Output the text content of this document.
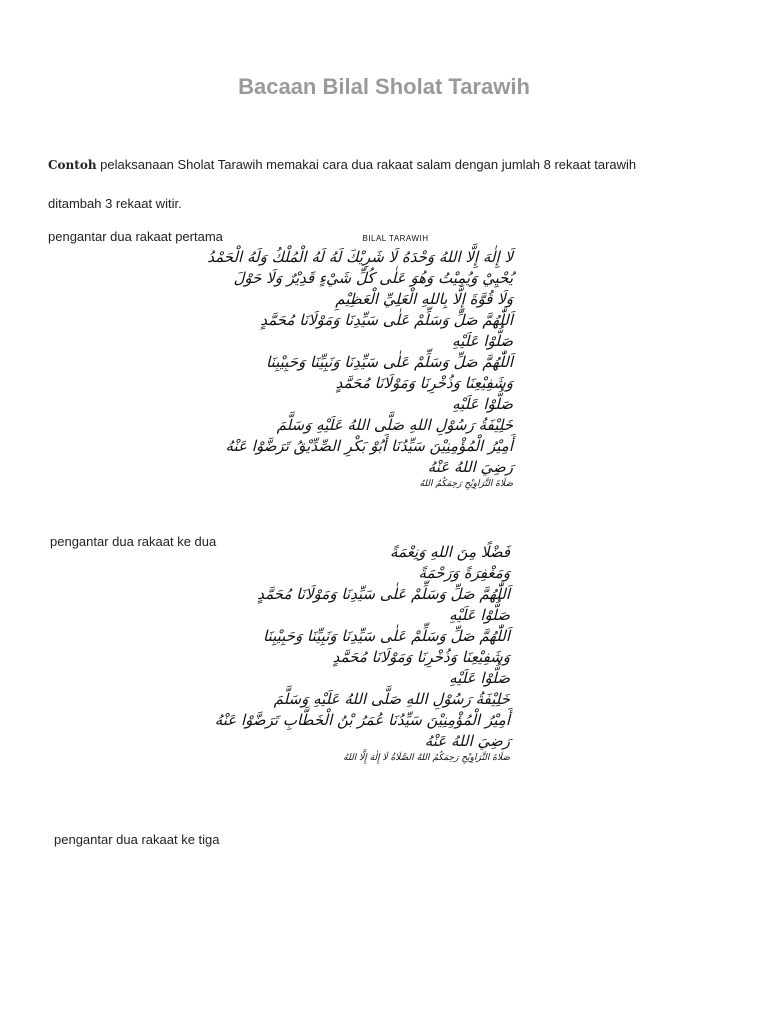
Bacaan Bilal Sholat Tarawih

Contoh pelaksanaan Sholat Tarawih memakai cara dua rakaat salam dengan jumlah 8 rekaat tarawih

ditambah 3 rekaat witir.

pengantar dua rakaat pertama	BILAL TARAWIH
لَا إِلٰهَ إِلَّا اللهُ وَحْدَهُ لَا شَرِيْكَ لَهُ لَهُ الْمُلْكُ وَلَهُ الْحَمْدُ
يُحْيِيْ وَيُمِيْتُ وَهُوَ عَلٰى كُلِّ شَيْءٍ قَدِيْرٌ وَلَا حَوْلَ
وَلَا قُوَّةَ إِلَّا بِاللهِ الْعَلِيِّ الْعَظِيْمِ
اَللّٰهُمَّ صَلِّ وَسَلِّمْ عَلٰى سَيِّدِنَا وَمَوْلَانَا مُحَمَّدٍ
صَلُّوْا عَلَيْهِ
اَللّٰهُمَّ صَلِّ وَسَلِّمْ عَلٰى سَيِّدِنَا وَنَبِيِّنَا وَحَبِيْبِنَا
وَشَفِيْعِنَا وَذُخْرِنَا وَمَوْلَانَا مُحَمَّدٍ
صَلُّوْا عَلَيْهِ
خَلِيْفَةُ رَسُوْلِ اللهِ صَلَّى اللهُ عَلَيْهِ وَسَلَّمَ
أَمِيْرُ الْمُؤْمِنِيْنَ سَيِّدُنَا أَبُوْ بَكْرِ الصِّدِّيْقُ تَرَضَّوْا عَنْهُ
رَضِيَ اللهُ عَنْهُ
صَلَاةَ التَّرَاوِيْحِ رَحِمَكُمُ اللهُ

pengantar dua rakaat ke dua

فَضْلًا مِنَ اللهِ وَنِعْمَةً
وَمَغْفِرَةً وَرَحْمَةً
اَللّٰهُمَّ صَلِّ وَسَلِّمْ عَلٰى سَيِّدِنَا وَمَوْلَانَا مُحَمَّدٍ
صَلُّوْا عَلَيْهِ
اَللّٰهُمَّ صَلِّ وَسَلِّمْ عَلٰى سَيِّدِنَا وَنَبِيِّنَا وَحَبِيْبِنَا
وَشَفِيْعِنَا وَذُخْرِنَا وَمَوْلَانَا مُحَمَّدٍ
صَلُّوْا عَلَيْهِ
خَلِيْفَةُ رَسُوْلِ اللهِ صَلَّى اللهُ عَلَيْهِ وَسَلَّمَ
أَمِيْرُ الْمُؤْمِنِيْنَ سَيِّدُنَا عُمَرُ بْنُ الْخَطَّابِ تَرَضَّوْا عَنْهُ
رَضِيَ اللهُ عَنْهُ
صَلَاةَ التَّرَاوِيْحِ رَحِمَكُمُ اللهُ الصَّلَاةُ لَا إِلٰهَ إِلَّا اللهُ

pengantar dua rakaat ke tiga
